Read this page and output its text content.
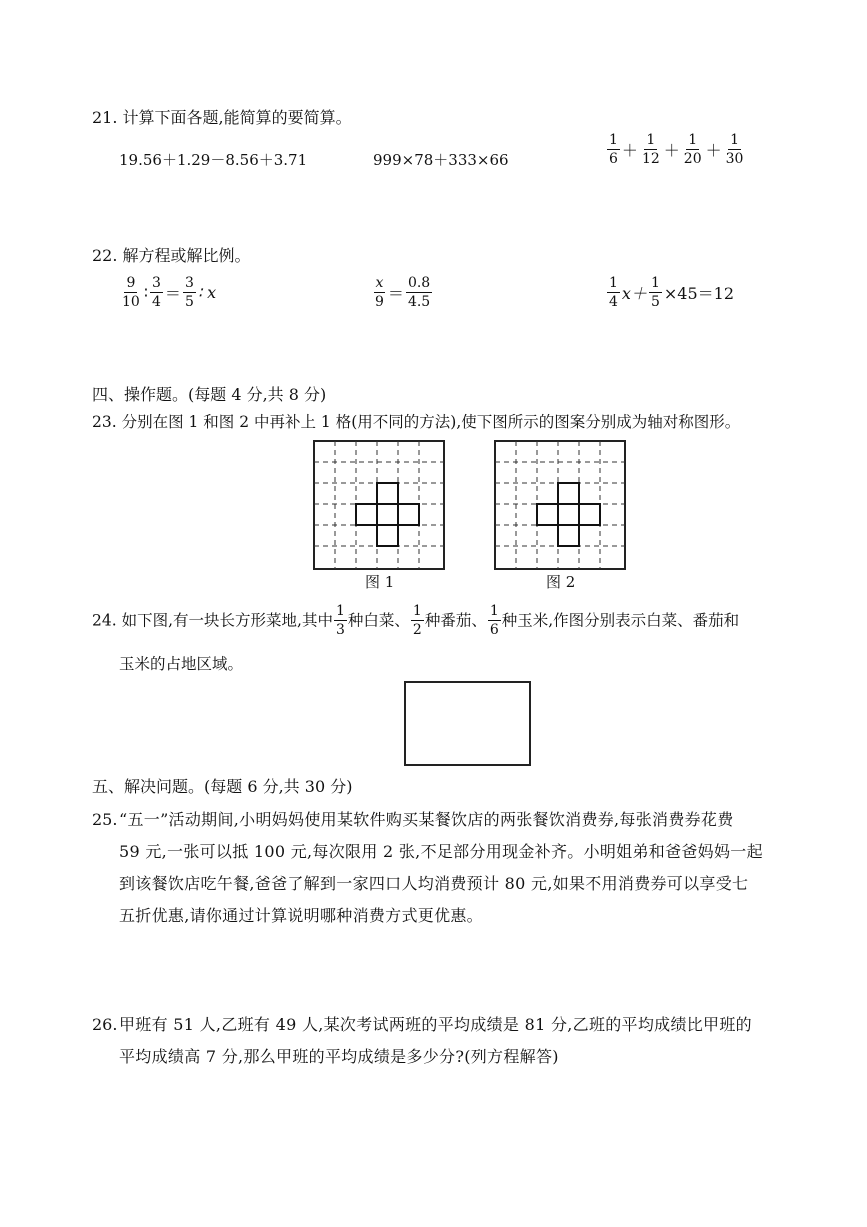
21. 计算下面各题,能简算的要简算。
19.56＋1.29－8.56＋3.71	999×78＋333×66	$\frac{1}{6} + \frac{1}{12} + \frac{1}{20} + \frac{1}{30}$
22. 解方程或解比例。
$\frac{9}{10}$ ∶ $\frac{3}{4} = \frac{3}{5}$ ∶ x	$\frac{x}{9} = \frac{0.8}{4.5}$	$\frac{1}{4} x+ \frac{1}{5} \times 45=12$
四、操作题。(每题 4 分,共 8 分)
23. 分别在图 1 和图 2 中再补上 1 格(用不同的方法),使下图所示的图案分别成为轴对称图形。
图 1	图 2
24. 如下图,有一块长方形菜地,其中 $\frac{1}{3}$ 种白菜、 $\frac{1}{2}$ 种番茄、 $\frac{1}{6}$ 种玉米,作图分别表示白菜、番茄和
玉米的占地区域。
五、解决问题。(每题 6 分,共 30 分)
25. “五一”活动期间,小明妈妈使用某软件购买某餐饮店的两张餐饮消费券,每张消费券花费
59 元,一张可以抵 100 元,每次限用 2 张,不足部分用现金补齐。小明姐弟和爸爸妈妈一起
到该餐饮店吃午餐,爸爸了解到一家四口人均消费预计 80 元,如果不用消费券可以享受七
五折优惠,请你通过计算说明哪种消费方式更优惠。
26. 甲班有 51 人,乙班有 49 人,某次考试两班的平均成绩是 81 分,乙班的平均成绩比甲班的
平均成绩高 7 分,那么甲班的平均成绩是多少分?(列方程解答)
